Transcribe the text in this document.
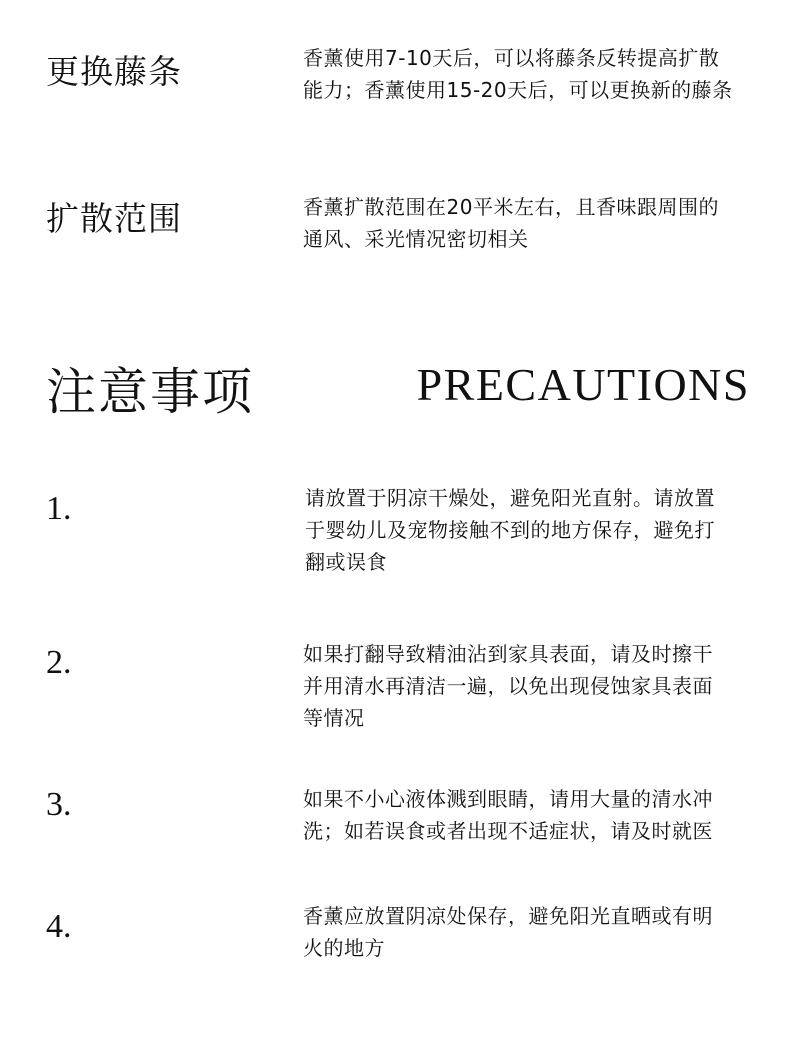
更换藤条	香薰使用7-10天后，可以将藤条反转提高扩散
能力；香薰使用15-20天后，可以更换新的藤条
扩散范围	香薰扩散范围在20平米左右，且香味跟周围的
通风、采光情况密切相关
注意事项	PRECAUTIONS
1.	请放置于阴凉干燥处，避免阳光直射。请放置
于婴幼儿及宠物接触不到的地方保存，避免打
翻或误食
2.	如果打翻导致精油沾到家具表面，请及时擦干
并用清水再清洁一遍，以免出现侵蚀家具表面
等情况
3.	如果不小心液体溅到眼睛，请用大量的清水冲
洗；如若误食或者出现不适症状，请及时就医
4.	香薰应放置阴凉处保存，避免阳光直晒或有明
火的地方
